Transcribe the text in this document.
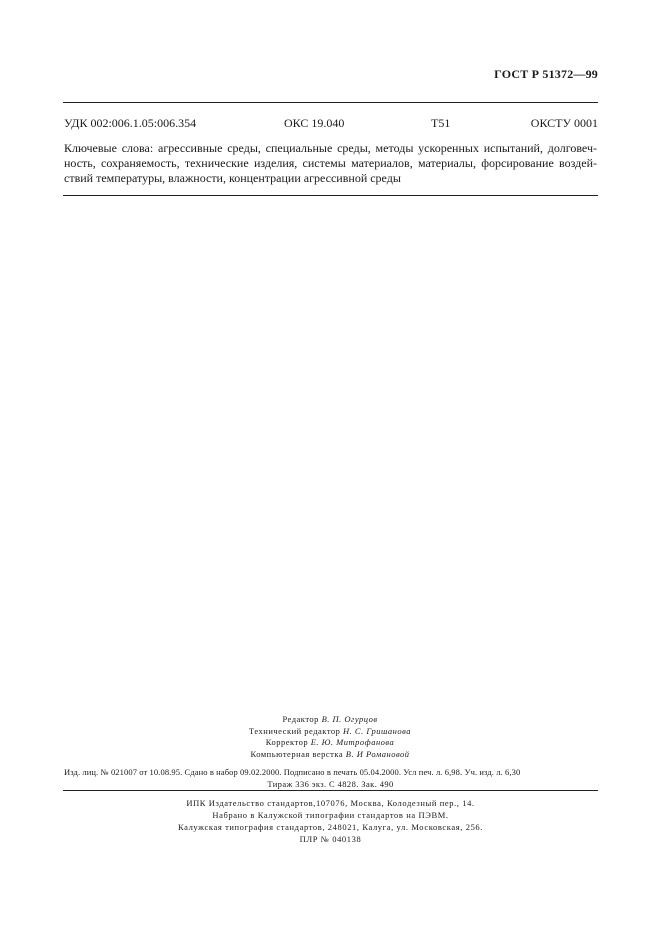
ГОСТ Р 51372—99
УДК 002:006.1.05:006.354	ОКС 19.040	Т51	ОКСТУ 0001
Ключевые слова: агрессивные среды, специальные среды, методы ускоренных испытаний, долговеч-
ность, сохраняемость, технические изделия, системы материалов, материалы, форсирование воздей-
ствий температуры, влажности, концентрации агрессивной среды
Редактор В. П. Огурцов
Технический редактор Н. С. Гришанова
Корректор Е. Ю. Митрофанова
Компьютерная верстка В. И Романовой
Изд. лиц. № 021007 от 10.08.95. Сдано в набор 09.02.2000. Подписано в печать 05.04.2000. Усл печ. л. 6,98. Уч. изд. л. 6,30
Тираж 336 экз. С 4828. Зак. 490
ИПК Издательство стандартов,107076, Москва, Колодезный пер., 14.
Набрано в Калужской типографии стандартов на ПЭВМ.
Калужская типография стандартов, 248021, Калуга, ул. Московская, 256.
ПЛР № 040138
